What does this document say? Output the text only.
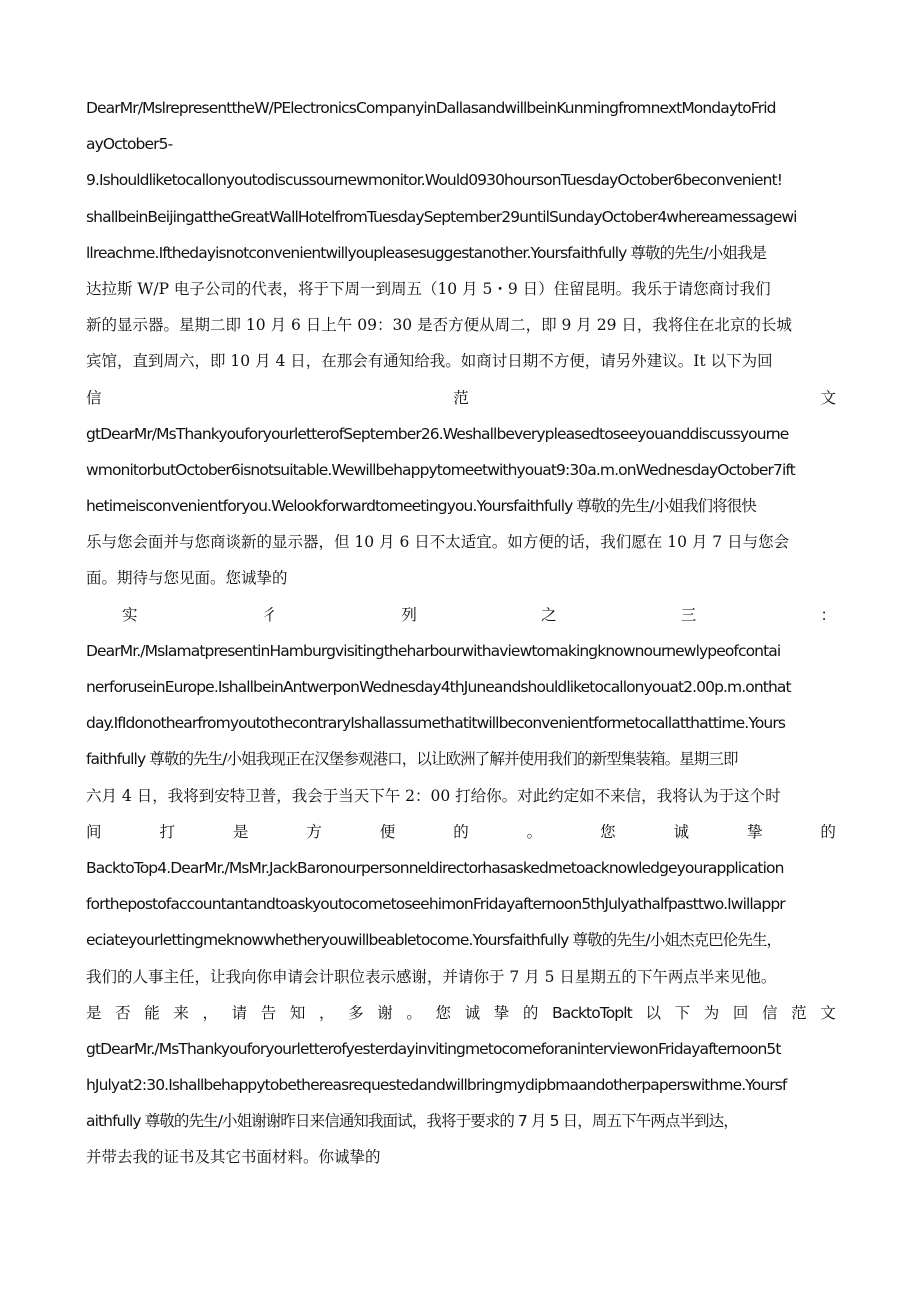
DearMr/MslrepresenttheW/PElectronicsCompanyinDallasandwillbeinKunmingfromnextMondaytoFrid
ayOctober5-
9.Ishouldliketocallonyoutodiscussournewmonitor.Would0930hoursonTuesdayOctober6beconvenient!
shallbeinBeijingattheGreatWallHotelfromTuesdaySeptember29untilSundayOctober4whereamessagewi
llreachme.Ifthedayisnotconvenientwillyoupleasesuggestanother.Yoursfaithfully 尊敬的先生/小姐我是
达拉斯 W/P 电子公司的代表，将于下周一到周五（10 月 5・9 日）住留昆明。我乐于请您商讨我们
新的显示器。星期二即 10 月 6 日上午 09：30 是否方便从周二，即 9 月 29 日，我将住在北京的长城
宾馆，直到周六，即 10 月 4 日，在那会有通知给我。如商讨日期不方便，请另外建议。It 以下为回
信	范	文
gtDearMr/MsThankyouforyourletterofSeptember26.Weshallbeverypleasedtoseeyouanddiscussyourne
wmonitorbutOctober6isnotsuitable.Wewillbehappytomeetwithyouat9:30a.m.onWednesdayOctober7ift
hetimeisconvenientforyou.Welookforwardtomeetingyou.Yoursfaithfully 尊敬的先生/小姐我们将很快
乐与您会面并与您商谈新的显示器，但 10 月 6 日不太适宜。如方便的话，我们愿在 10 月 7 日与您会
面。期待与您见面。您诚挚的
实	彳	列	之	三	：
DearMr./MsIamatpresentinHamburgvisitingtheharbourwithaviewtomakingknownournewlypeofcontai
nerforuseinEurope.IshallbeinAntwerponWednesday4thJuneandshouldliketocallonyouat2.00p.m.onthat
day.IfIdonothearfromyoutothecontraryIshallassumethatitwillbeconvenientformetocallatthattime.Yours
faithfully 尊敬的先生/小姐我现正在汉堡参观港口，以让欧洲了解并使用我们的新型集装箱。星期三即
六月 4 日，我将到安特卫普，我会于当天下午 2：00 打给你。对此约定如不来信，我将认为于这个时
间	打	是	方	便	的	。	您	诚	挚	的
BacktoTop4.DearMr./MsMr.JackBaronourpersonneldirectorhasaskedmetoacknowledgeyourapplication
forthepostofaccountantandtoaskyoutocometoseehimonFridayafternoon5thJulyathalfpasttwo.Iwillappr
eciateyourlettingmeknowwhetheryouwillbeabletocome.Yoursfaithfully 尊敬的先生/小姐杰克巴伦先生，
我们的人事主任，让我向你申请会计职位表示感谢，并请你于 7 月 5 日星期五的下午两点半来见他。
是 否 能 来 ， 请 告 知 ， 多 谢 。 您 诚 挚 的 BacktoToplt 以 下 为 回 信 范 文
gtDearMr./MsThankyouforyourletterofyesterdayinvitingmetocomeforaninterviewonFridayafternoon5t
hJulyat2:30.Ishallbehappytobethereasrequestedandwillbringmydipbmaandotherpaperswithme.Yoursf
aithfully 尊敬的先生/小姐谢谢昨日来信通知我面试，我将于要求的 7 月 5 日，周五下午两点半到达，
并带去我的证书及其它书面材料。你诚挚的
